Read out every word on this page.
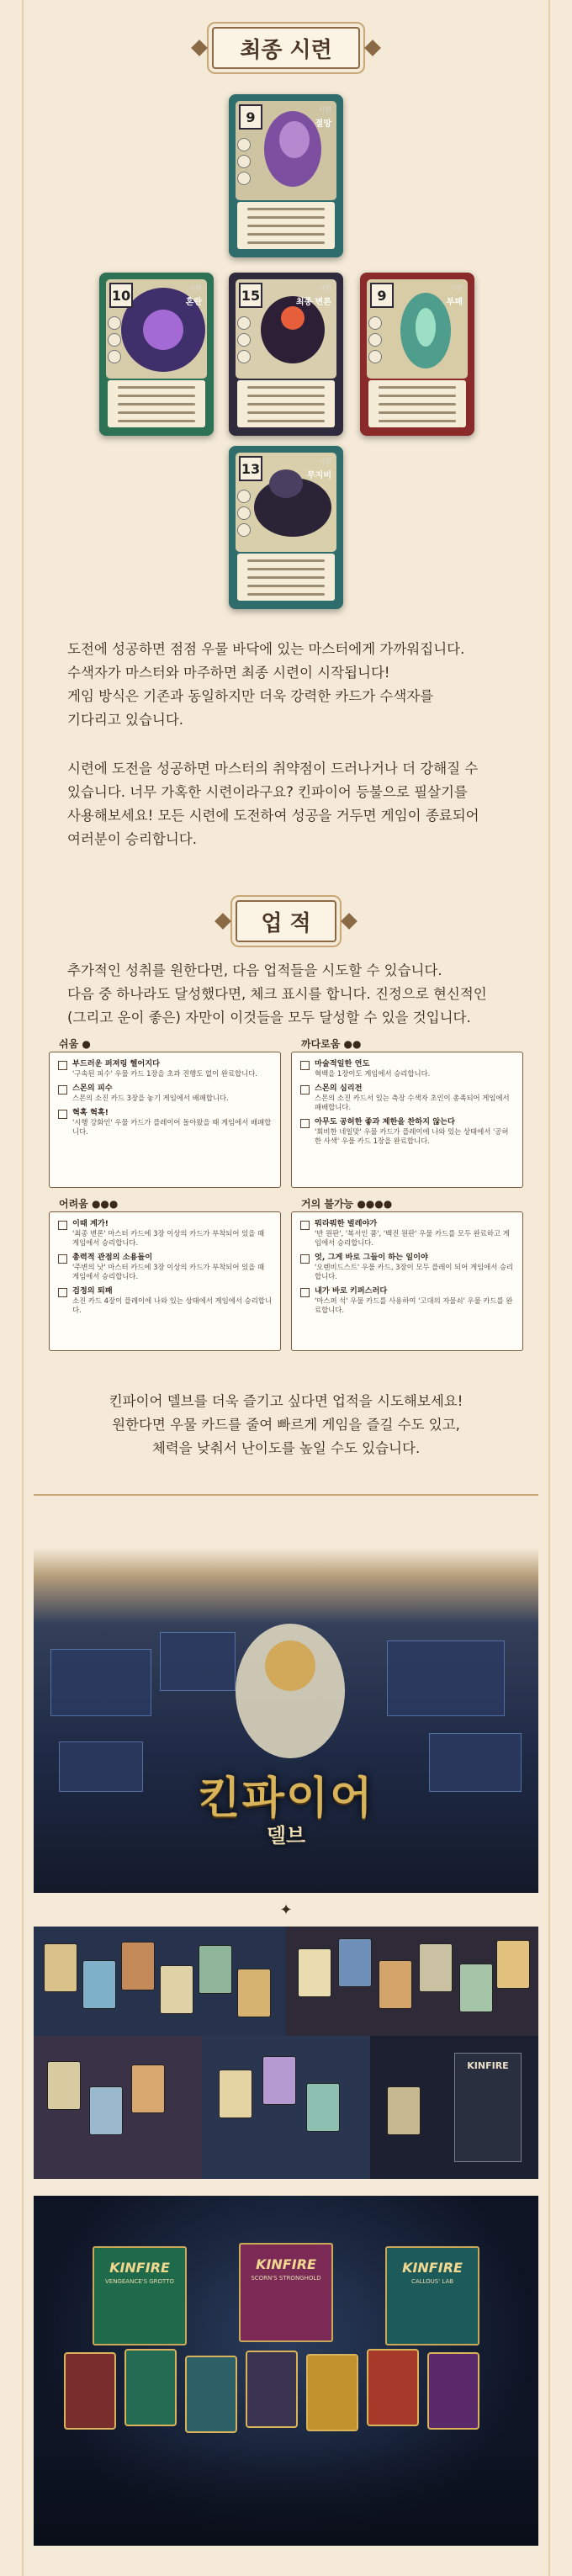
최종 시련
9	시련
절망
10	시련
혼란	15	시련
최종 변론	9	시련
부패
13	시련
무지비
도전에 성공하면 점점 우물 바닥에 있는 마스터에게 가까워집니다.
수색자가 마스터와 마주하면 최종 시련이 시작됩니다!
게임 방식은 기존과 동일하지만 더욱 강력한 카드가 수색자를
기다리고 있습니다.
시련에 도전을 성공하면 마스터의 취약점이 드러나거나 더 강해질 수
있습니다. 너무 가혹한 시련이라구요? 킨파이어 등불으로 필살기를
사용해보세요! 모든 시련에 도전하여 성공을 거두면 게임이 종료되어
여러분이 승리합니다.
업 적
추가적인 성취를 원한다면, 다음 업적들을 시도할 수 있습니다.
다음 중 하나라도 달성했다면, 체크 표시를 합니다. 진정으로 현신적인
(그리고 운이 좋은) 자만이 이것들을 모두 달성할 수 있을 것입니다.
쉬움 ●
부드러운 퍼져링 헬어지다
'구속된 피수' 우물 카드 1장을 초과 진행도 없이 완료합니다.
스몬의 피수
스몬의 소진 카드 3장을 놓기 게임에서 배패합니다.
혁혹 혁혹!
'시행 강화인' 우물 카드가 플레이어 돌아왔을 때 게임에서 배패합니다.
까다로움 ●●
마술적일한 연도
혁백을 1장이도 게임에서 승리합니다.
스몬의 심리전
스몬의 소진 카드서 있는 측장 수색자 초인이 총족되어 게임에서 패배합니다.
아무도 공허한 좋과 제한을 찬하지 않는다
'회비한 네일맞' 우물 카드가 플레이에 나와 있는 상태에서 '공허한 사색' 우물 카드 1장을 완료합니다.
어려움 ●●●
이때 계가!
'최종 변론' 마스터 카드에 3장 이상의 카드가 부착되어 있을 때 게임에서 승리합니다.
총력적 관점의 소용돌이
'주변의 낫' 마스터 카드에 3장 이상의 카드가 부착되어 있을 때 게임에서 승리합니다.
검정의 퇴패
소진 카드 4장이 플레이에 나와 있는 상태에서 게임에서 승리합니다.
거의 불가능 ●●●●
뭐라뭐한 벌레야가
'반 원판', '복서인 품', '백진 원판' 우물 카드를 모두 완료하고 게임에서 승리합니다.
엇, 그게 바로 그들이 하는 일이야
'오렌비드스트' 우물 카드, 3장이 모두 플레이 되어 게임에서 승리합니다.
내가 바로 키퍼스러다
'마스퍼 석' 우물 카드를 사용하여 '고대의 자물쇠' 우물 카드를 완료합니다.
킨파이어 델브를 더욱 즐기고 싶다면 업적을 시도해보세요!
원한다면 우물 카드를 줄여 빠르게 게임을 즐길 수도 있고,
체력을 낮춰서 난이도를 높일 수도 있습니다.
킨파이어
델브
✦
KINFIRE
KINFIRE
VENGEANCE'S GROTTO
KINFIRE
SCORN'S STRONGHOLD
KINFIRE
CALLOUS' LAB
